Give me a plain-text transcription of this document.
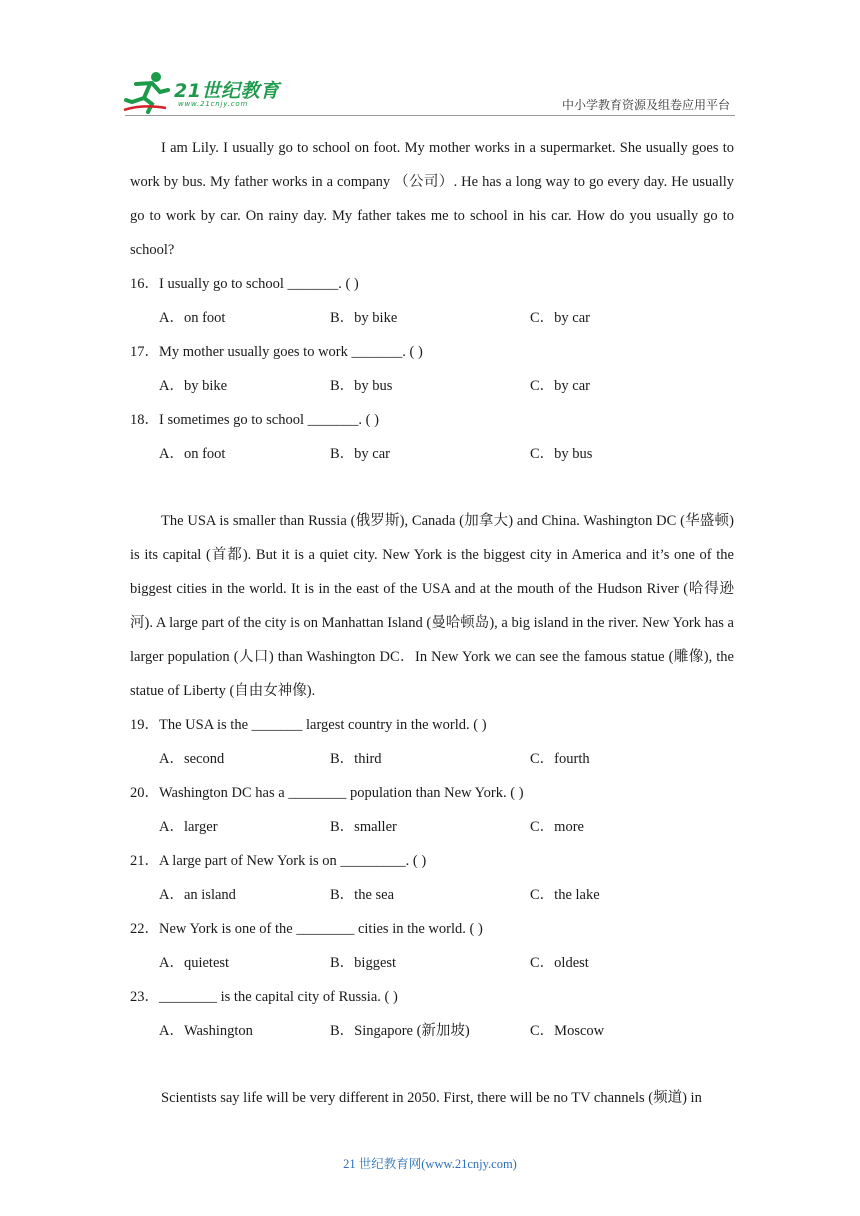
21世纪教育
www.21cnjy.com	中小学教育资源及组卷应用平台

I am Lily. I usually go to school on foot. My mother works in a supermarket. She usually goes to work by bus. My father works in a company （公司）. He has a long way to go every day. He usually go to work by car. On rainy day. My father takes me to school in his car. How do you usually go to school?

16．I usually go to school _______. ( )
A．on foot	B．by bike	C．by car
17．My mother usually goes to work _______. ( )
A．by bike	B．by bus	C．by car
18．I sometimes go to school _______. ( )
A．on foot	B．by car	C．by bus

The USA is smaller than Russia (俄罗斯), Canada (加拿大) and China. Washington DC (华盛顿) is its capital (首都). But it is a quiet city. New York is the biggest city in America and it’s one of the biggest cities in the world. It is in the east of the USA and at the mouth of the Hudson River (哈得逊河). A large part of the city is on Manhattan Island (曼哈顿岛), a big island in the river. New York has a larger population (人口) than Washington DC．In New York we can see the famous statue (雕像), the statue of Liberty (自由女神像).

19．The USA is the _______ largest country in the world. ( )
A．second	B．third	C．fourth
20．Washington DC has a ________ population than New York. ( )
A．larger	B．smaller	C．more
21．A large part of New York is on _________. ( )
A．an island	B．the sea	C．the lake
22．New York is one of the ________ cities in the world. ( )
A．quietest	B．biggest	C．oldest
23．________ is the capital city of Russia. ( )
A．Washington	B．Singapore (新加坡)	C．Moscow

Scientists say life will be very different in 2050. First, there will be no TV channels (频道) in

21 世纪教育网(www.21cnjy.com)
